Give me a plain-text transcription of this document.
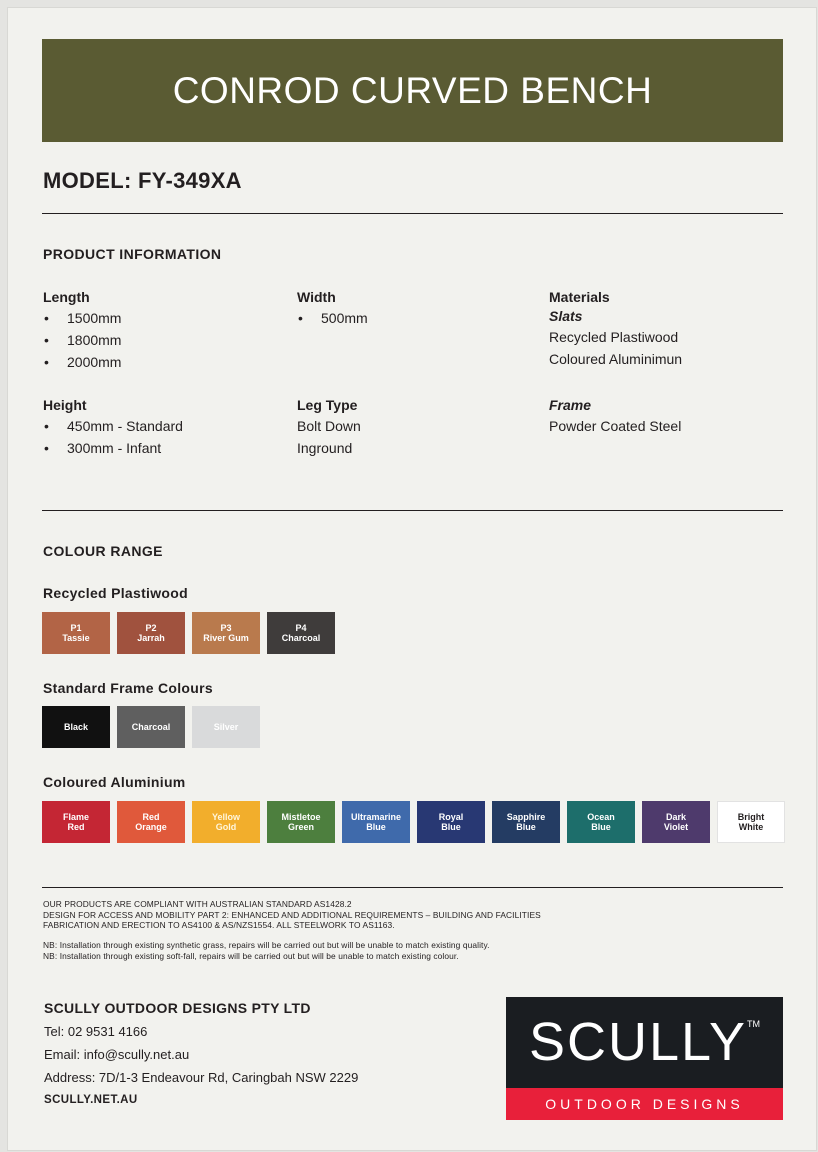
CONROD CURVED BENCH
MODEL: FY-349XA
PRODUCT INFORMATION
Length
• 1500mm
• 1800mm
• 2000mm
Width
• 500mm
Materials
Slats
Recycled Plastiwood
Coloured Aluminimun
Height
• 450mm - Standard
• 300mm - Infant
Leg Type
Bolt Down
Inground
Frame
Powder Coated Steel
COLOUR RANGE
Recycled Plastiwood
P1
Tassie
P2
Jarrah
P3
River Gum
P4
Charcoal
Standard Frame Colours
Black	Charcoal	Silver
Coloured Aluminium
Flame
Red
Red
Orange
Yellow
Gold
Mistletoe
Green
Ultramarine
Blue
Royal
Blue
Sapphire
Blue
Ocean
Blue
Dark
Violet
Bright
White
OUR PRODUCTS ARE COMPLIANT WITH AUSTRALIAN STANDARD AS1428.2
DESIGN FOR ACCESS AND MOBILITY PART 2: ENHANCED AND ADDITIONAL REQUIREMENTS – BUILDING AND FACILITIES
FABRICATION AND ERECTION TO AS4100 & AS/NZS1554. ALL STEELWORK TO AS1163.
NB: Installation through existing synthetic grass, repairs will be carried out but will be unable to match existing quality.
NB: Installation through existing soft-fall, repairs will be carried out but will be unable to match existing colour.
SCULLY OUTDOOR DESIGNS PTY LTD
Tel: 02 9531 4166
Email: info@scully.net.au
Address: 7D/1-3 Endeavour Rd, Caringbah NSW 2229
SCULLY.NET.AU
SCULLY™
OUTDOOR DESIGNS
